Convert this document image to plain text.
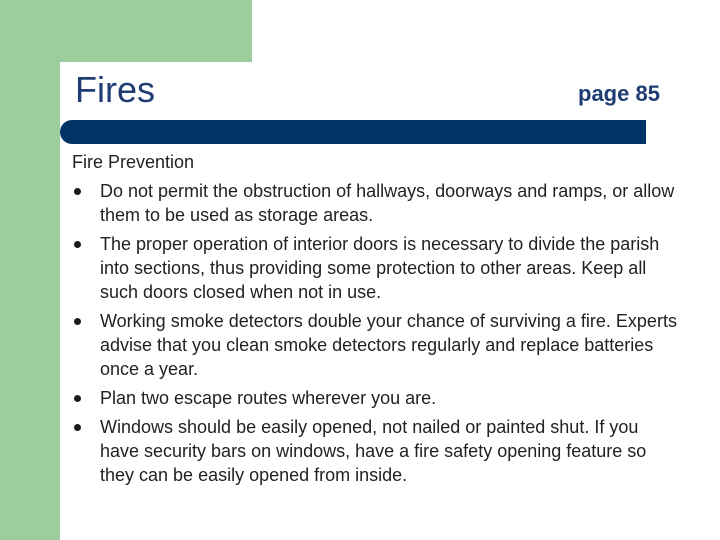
Fires	page 85
Fire Prevention
Do not permit the obstruction of hallways, doorways and ramps, or allow them to be used as storage areas.
The proper operation of interior doors is necessary to divide the parish into sections, thus providing some protection to other areas. Keep all such doors closed when not in use.
Working smoke detectors double your chance of surviving a fire. Experts advise that you clean smoke detectors regularly and replace batteries once a year.
Plan two escape routes wherever you are.
Windows should be easily opened, not nailed or painted shut. If you have security bars on windows, have a fire safety opening feature so they can be easily opened from inside.
